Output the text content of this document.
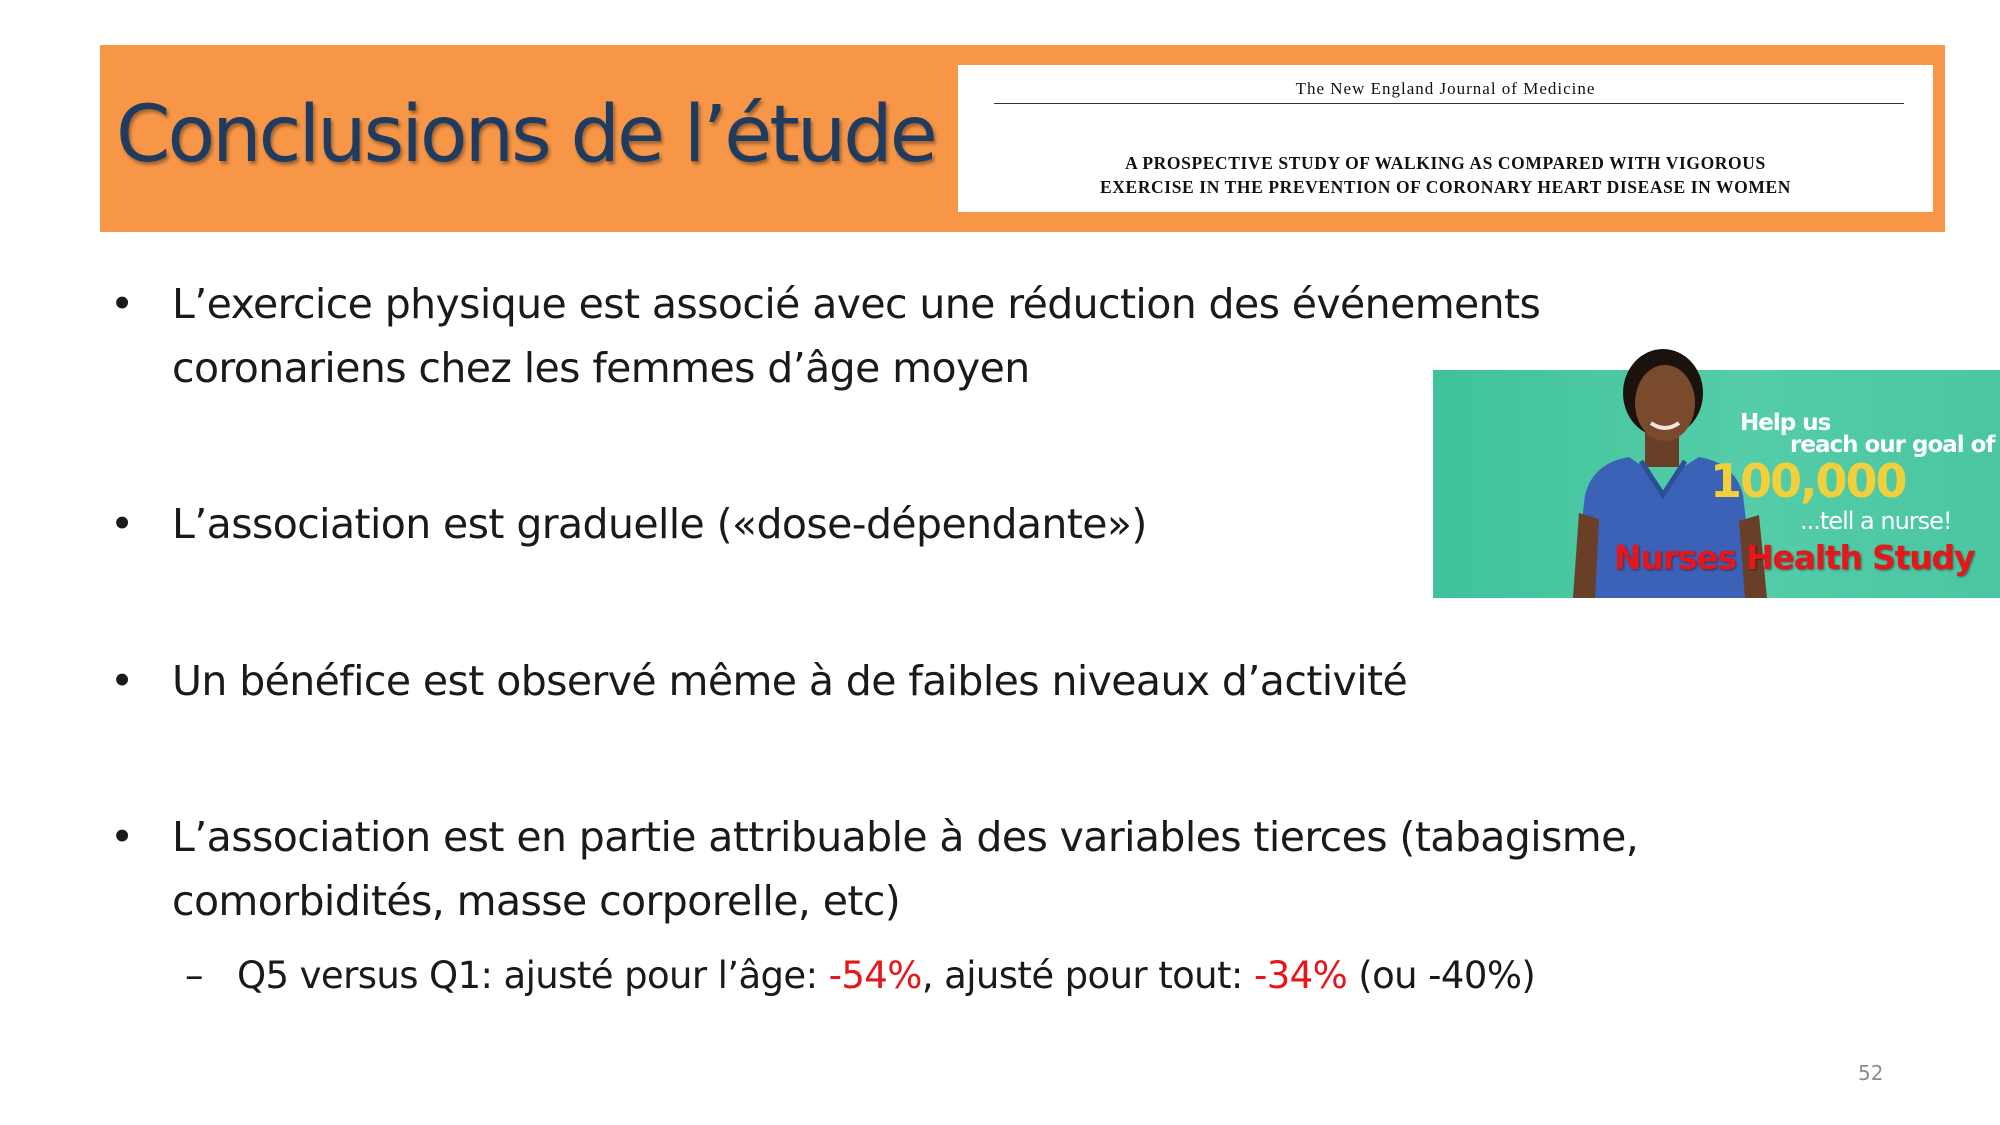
Conclusions de l’étude
The New England Journal of Medicine
A PROSPECTIVE STUDY OF WALKING AS COMPARED WITH VIGOROUS
EXERCISE IN THE PREVENTION OF CORONARY HEART DISEASE IN WOMEN
• L’exercice physique est associé avec une réduction des événements
coronariens chez les femmes d’âge moyen
• L’association est graduelle («dose-dépendante»)
• Un bénéfice est observé même à de faibles niveaux d’activité
• L’association est en partie attribuable à des variables tierces (tabagisme,
comorbidités, masse corporelle, etc)
– Q5 versus Q1: ajusté pour l’âge: -54%, ajusté pour tout: -34% (ou -40%)
Help us
reach our goal of
100,000
...tell a nurse!
Nurses Health Study
52
